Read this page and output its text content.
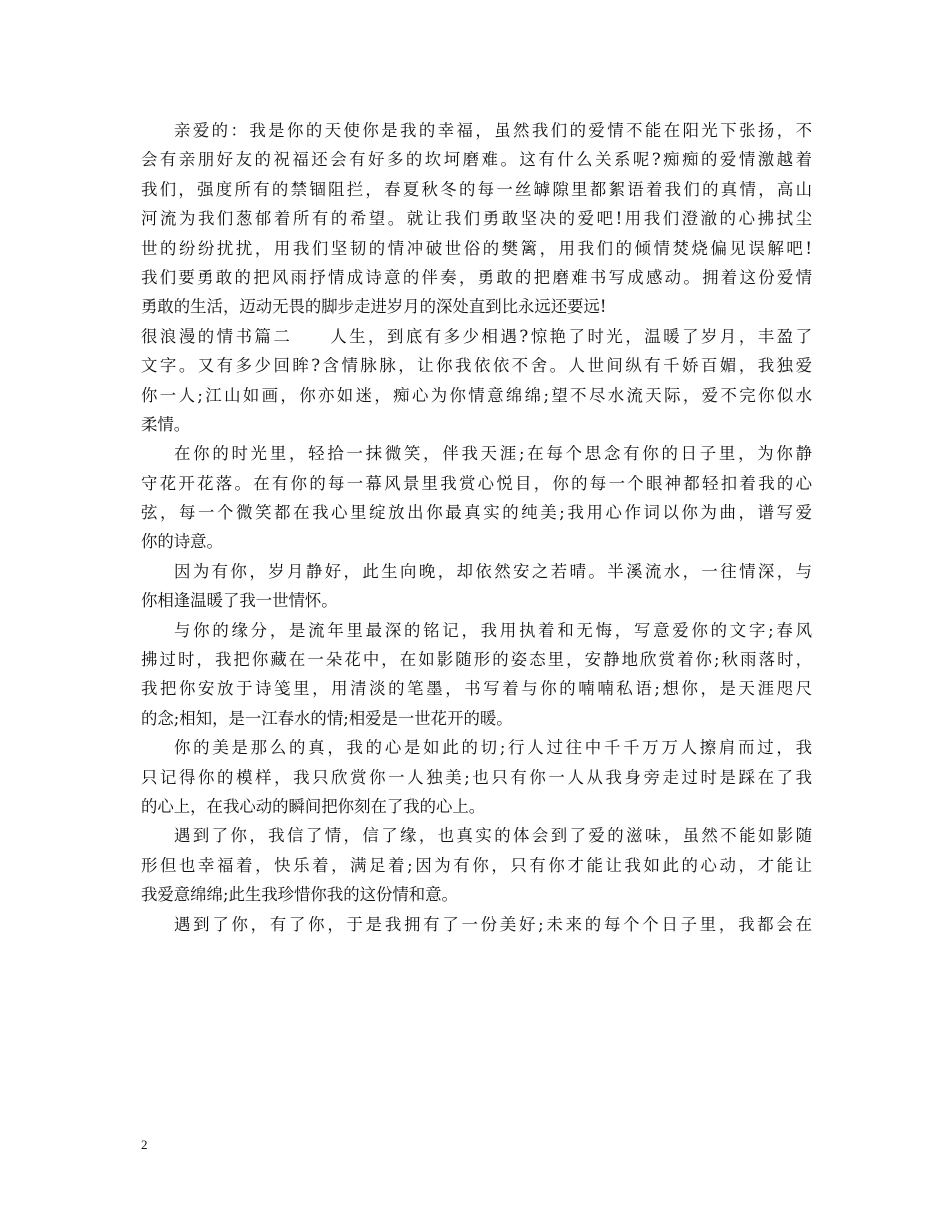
亲爱的：我是你的天使你是我的幸福，虽然我们的爱情不能在阳光下张扬，不
会有亲朋好友的祝福还会有好多的坎坷磨难。这有什么关系呢?痴痴的爱情激越着
我们，强度所有的禁锢阻拦，春夏秋冬的每一丝罅隙里都絮语着我们的真情，高山
河流为我们葱郁着所有的希望。就让我们勇敢坚决的爱吧!用我们澄澈的心拂拭尘
世的纷纷扰扰，用我们坚韧的情冲破世俗的樊篱，用我们的倾情焚烧偏见误解吧!
我们要勇敢的把风雨抒情成诗意的伴奏，勇敢的把磨难书写成感动。拥着这份爱情
勇敢的生活，迈动无畏的脚步走进岁月的深处直到比永远还要远!
很浪漫的情书篇二　　人生，到底有多少相遇?惊艳了时光，温暖了岁月，丰盈了
文字。又有多少回眸?含情脉脉，让你我依依不舍。人世间纵有千娇百媚，我独爱
你一人;江山如画，你亦如迷，痴心为你情意绵绵;望不尽水流天际，爱不完你似水
柔情。
在你的时光里，轻拾一抹微笑，伴我天涯;在每个思念有你的日子里，为你静
守花开花落。在有你的每一幕风景里我赏心悦目，你的每一个眼神都轻扣着我的心
弦，每一个微笑都在我心里绽放出你最真实的纯美;我用心作词以你为曲，谱写爱
你的诗意。
因为有你，岁月静好，此生向晚，却依然安之若晴。半溪流水，一往情深，与
你相逢温暖了我一世情怀。
与你的缘分，是流年里最深的铭记，我用执着和无悔，写意爱你的文字;春风
拂过时，我把你藏在一朵花中，在如影随形的姿态里，安静地欣赏着你;秋雨落时，
我把你安放于诗笺里，用清淡的笔墨，书写着与你的喃喃私语;想你，是天涯咫尺
的念;相知，是一江春水的情;相爱是一世花开的暖。
你的美是那么的真，我的心是如此的切;行人过往中千千万万人擦肩而过，我
只记得你的模样，我只欣赏你一人独美;也只有你一人从我身旁走过时是踩在了我
的心上，在我心动的瞬间把你刻在了我的心上。
遇到了你，我信了情，信了缘，也真实的体会到了爱的滋味，虽然不能如影随
形但也幸福着，快乐着，满足着;因为有你，只有你才能让我如此的心动，才能让
我爱意绵绵;此生我珍惜你我的这份情和意。
遇到了你，有了你，于是我拥有了一份美好;未来的每个个日子里，我都会在
2
